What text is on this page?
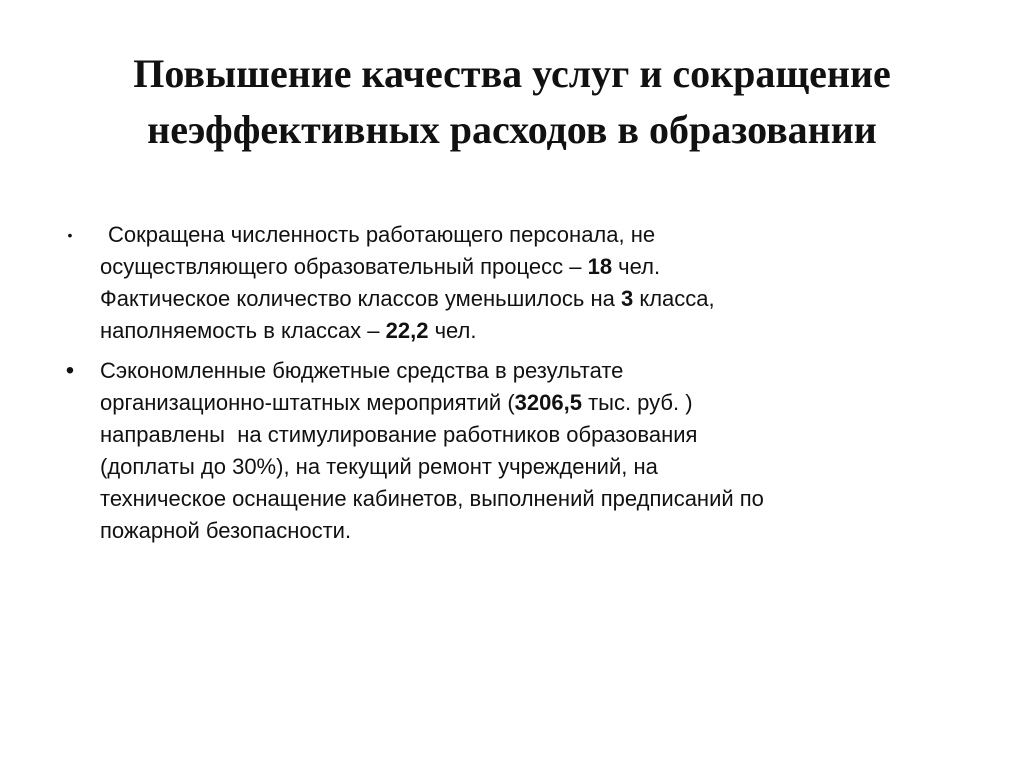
Повышение качества услуг и сокращение
неэффективных расходов в образовании
•	Сокращена численность работающего персонала, не
осуществляющего образовательный процесс – 18 чел.
Фактическое количество классов уменьшилось на 3 класса,
наполняемость в классах – 22,2 чел.
• Сэкономленные бюджетные средства в результате
организационно-штатных мероприятий (3206,5 тыс. руб. )
направлены  на стимулирование работников образования
(доплаты до 30%), на текущий ремонт учреждений, на
техническое оснащение кабинетов, выполнений предписаний по
пожарной безопасности.
